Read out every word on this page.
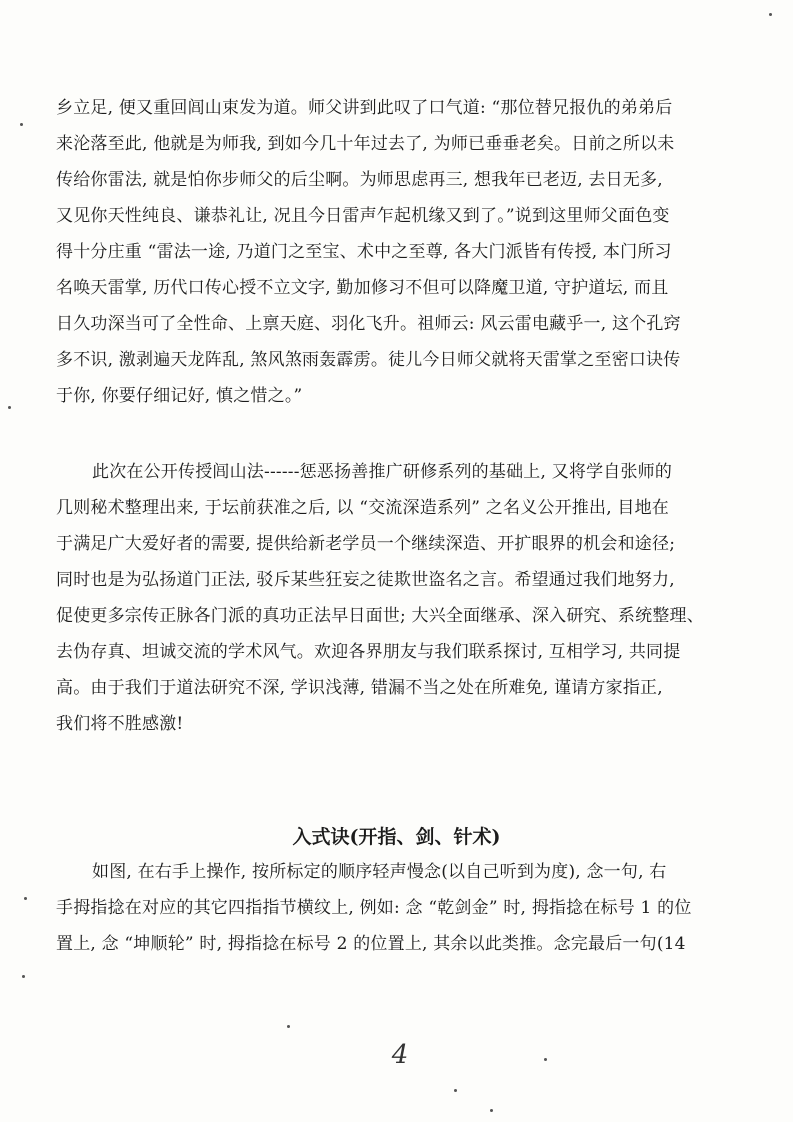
乡立足, 便又重回闾山束发为道。师父讲到此叹了口气道: “那位替兄报仇的弟弟后
来沦落至此, 他就是为师我, 到如今几十年过去了, 为师已垂垂老矣。日前之所以未
传给你雷法, 就是怕你步师父的后尘啊。为师思虑再三, 想我年已老迈, 去日无多,
又见你天性纯良、谦恭礼让, 况且今日雷声乍起机缘又到了。”说到这里师父面色变
得十分庄重 “雷法一途, 乃道门之至宝、术中之至尊, 各大门派皆有传授, 本门所习
名唤天雷掌, 历代口传心授不立文字, 勤加修习不但可以降魔卫道, 守护道坛, 而且
日久功深当可了全性命、上禀天庭、羽化飞升。祖师云: 风云雷电藏乎一, 这个孔窍
多不识, 激剥遍天龙阵乱, 煞风煞雨轰霹雳。徒儿今日师父就将天雷掌之至密口诀传
于你, 你要仔细记好, 慎之惜之。”
此次在公开传授闾山法------惩恶扬善推广研修系列的基础上, 又将学自张师的
几则秘术整理出来, 于坛前获准之后, 以 “交流深造系列” 之名义公开推出, 目地在
于满足广大爱好者的需要, 提供给新老学员一个继续深造、开扩眼界的机会和途径;
同时也是为弘扬道门正法, 驳斥某些狂妄之徒欺世盗名之言。希望通过我们地努力,
促使更多宗传正脉各门派的真功正法早日面世; 大兴全面继承、深入研究、系统整理、
去伪存真、坦诚交流的学术风气。欢迎各界朋友与我们联系探讨, 互相学习, 共同提
高。由于我们于道法研究不深, 学识浅薄, 错漏不当之处在所难免, 谨请方家指正,
我们将不胜感激!
入式诀(开指、剑、针术)
如图, 在右手上操作, 按所标定的顺序轻声慢念(以自己听到为度), 念一句, 右
手拇指捻在对应的其它四指指节横纹上, 例如: 念 “乾剑金” 时, 拇指捻在标号 1 的位
置上, 念 “坤顺轮” 时, 拇指捻在标号 2 的位置上, 其余以此类推。念完最后一句(14
4
